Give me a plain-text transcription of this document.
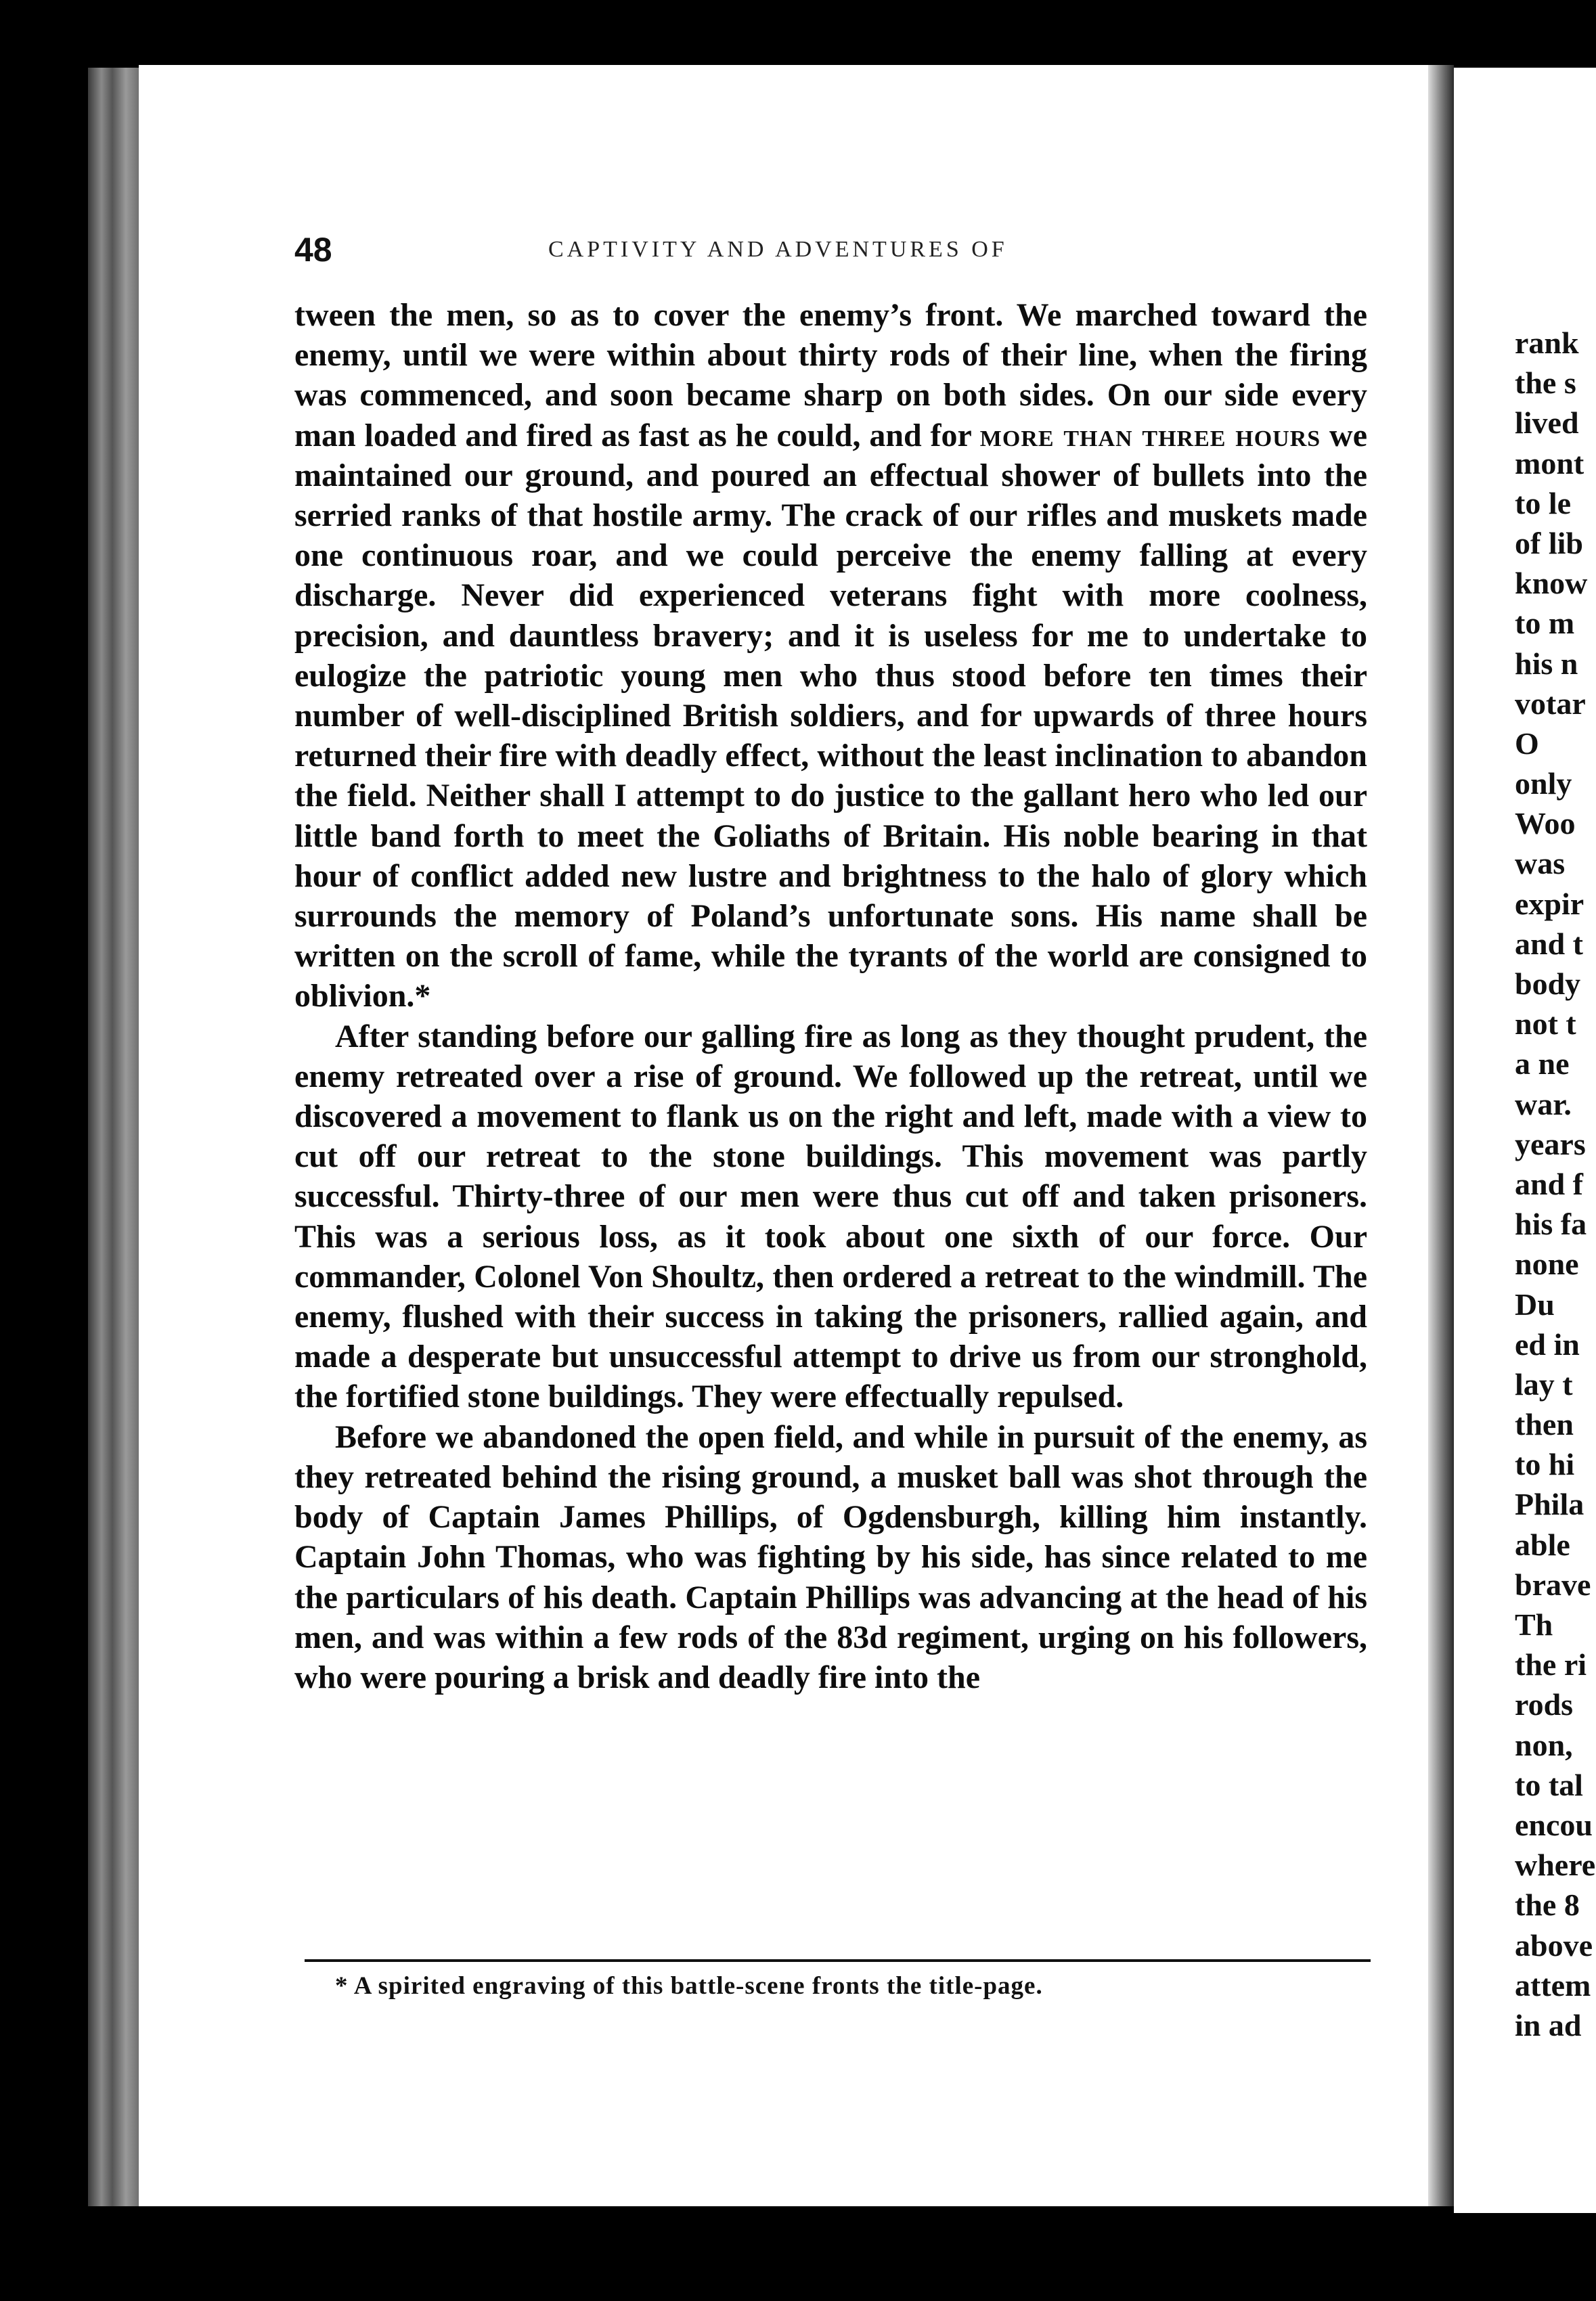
48	CAPTIVITY AND ADVENTURES OF

tween the men, so as to cover the enemy’s front. We marched toward the enemy, until we were within about thirty rods of their line, when the firing was commenced, and soon became sharp on both sides. On our side every man loaded and fired as fast as he could, and for more than three hours we maintained our ground, and poured an effectual shower of bullets into the serried ranks of that hostile army. The crack of our rifles and muskets made one continuous roar, and we could perceive the enemy falling at every discharge. Never did experienced veterans fight with more coolness, precision, and dauntless bravery; and it is useless for me to undertake to eulogize the patriotic young men who thus stood before ten times their number of well-disciplined British soldiers, and for upwards of three hours returned their fire with deadly effect, without the least inclination to abandon the field. Neither shall I attempt to do justice to the gallant hero who led our little band forth to meet the Goliaths of Britain. His noble bearing in that hour of conflict added new lustre and brightness to the halo of glory which surrounds the memory of Poland’s unfortunate sons. His name shall be written on the scroll of fame, while the tyrants of the world are consigned to oblivion.*

After standing before our galling fire as long as they thought prudent, the enemy retreated over a rise of ground. We followed up the retreat, until we discovered a movement to flank us on the right and left, made with a view to cut off our retreat to the stone buildings. This movement was partly successful. Thirty-three of our men were thus cut off and taken prisoners. This was a serious loss, as it took about one sixth of our force. Our commander, Colonel Von Shoultz, then ordered a retreat to the windmill. The enemy, flushed with their success in taking the prisoners, rallied again, and made a desperate but unsuccessful attempt to drive us from our stronghold, the fortified stone buildings. They were effectually repulsed.

Before we abandoned the open field, and while in pursuit of the enemy, as they retreated behind the rising ground, a musket ball was shot through the body of Captain James Phillips, of Ogdensburgh, killing him instantly. Captain John Thomas, who was fighting by his side, has since related to me the particulars of his death. Captain Phillips was advancing at the head of his men, and was within a few rods of the 83d regiment, urging on his followers, who were pouring a brisk and deadly fire into the

* A spirited engraving of this battle-scene fronts the title-page.
rank
the s
lived
mont
to le
of lib
know
to m
his n
votar
O
only
Woo
was
expir
and t
body
not t
a ne
war.
years
and f
his fa
none
Du
ed in
lay t
then
to hi
Phila
able
brave
Th
the ri
rods
non,
to tal
encou
where
the 8
above
attem
in ad
